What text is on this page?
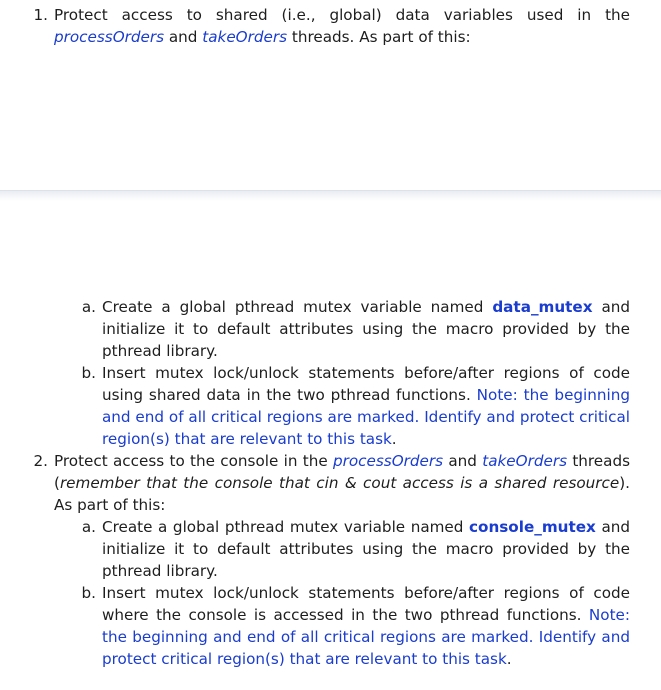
1. Protect access to shared (i.e., global) data variables used in the processOrders and takeOrders threads. As part of this:
a. Create a global pthread mutex variable named data_mutex and initialize it to default attributes using the macro provided by the pthread library.
b. Insert mutex lock/unlock statements before/after regions of code using shared data in the two pthread functions. Note: the beginning and end of all critical regions are marked. Identify and protect critical region(s) that are relevant to this task.
2. Protect access to the console in the processOrders and takeOrders threads (remember that the console that cin & cout access is a shared resource). As part of this:
a. Create a global pthread mutex variable named console_mutex and initialize it to default attributes using the macro provided by the pthread library.
b. Insert mutex lock/unlock statements before/after regions of code where the console is accessed in the two pthread functions. Note: the beginning and end of all critical regions are marked. Identify and protect critical region(s) that are relevant to this task.
